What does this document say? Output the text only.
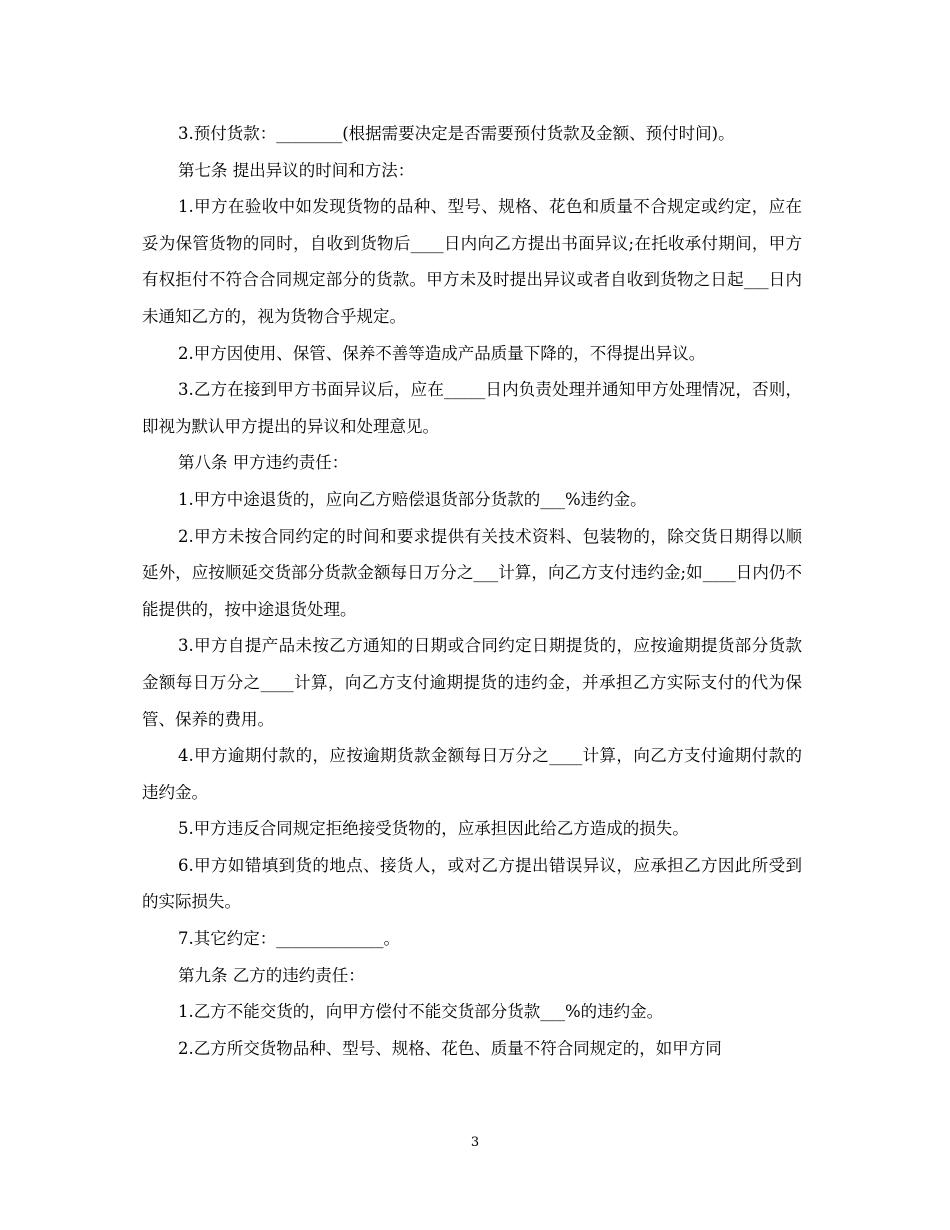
3.预付货款：________(根据需要决定是否需要预付货款及金额、预付时间)。

第七条 提出异议的时间和方法：

1.甲方在验收中如发现货物的品种、型号、规格、花色和质量不合规定或约定，应在妥为保管货物的同时，自收到货物后____日内向乙方提出书面异议;在托收承付期间，甲方有权拒付不符合合同规定部分的货款。甲方未及时提出异议或者自收到货物之日起___日内未通知乙方的，视为货物合乎规定。

2.甲方因使用、保管、保养不善等造成产品质量下降的，不得提出异议。

3.乙方在接到甲方书面异议后，应在_____日内负责处理并通知甲方处理情况，否则，即视为默认甲方提出的异议和处理意见。

第八条 甲方违约责任：

1.甲方中途退货的，应向乙方赔偿退货部分货款的___%违约金。

2.甲方未按合同约定的时间和要求提供有关技术资料、包装物的，除交货日期得以顺延外，应按顺延交货部分货款金额每日万分之___计算，向乙方支付违约金;如____日内仍不能提供的，按中途退货处理。

3.甲方自提产品未按乙方通知的日期或合同约定日期提货的，应按逾期提货部分货款金额每日万分之____计算，向乙方支付逾期提货的违约金，并承担乙方实际支付的代为保管、保养的费用。

4.甲方逾期付款的，应按逾期货款金额每日万分之____计算，向乙方支付逾期付款的违约金。

5.甲方违反合同规定拒绝接受货物的，应承担因此给乙方造成的损失。

6.甲方如错填到货的地点、接货人，或对乙方提出错误异议，应承担乙方因此所受到的实际损失。

7.其它约定：_____________。

第九条 乙方的违约责任：

1.乙方不能交货的，向甲方偿付不能交货部分货款___%的违约金。

2.乙方所交货物品种、型号、规格、花色、质量不符合同规定的，如甲方同

3
